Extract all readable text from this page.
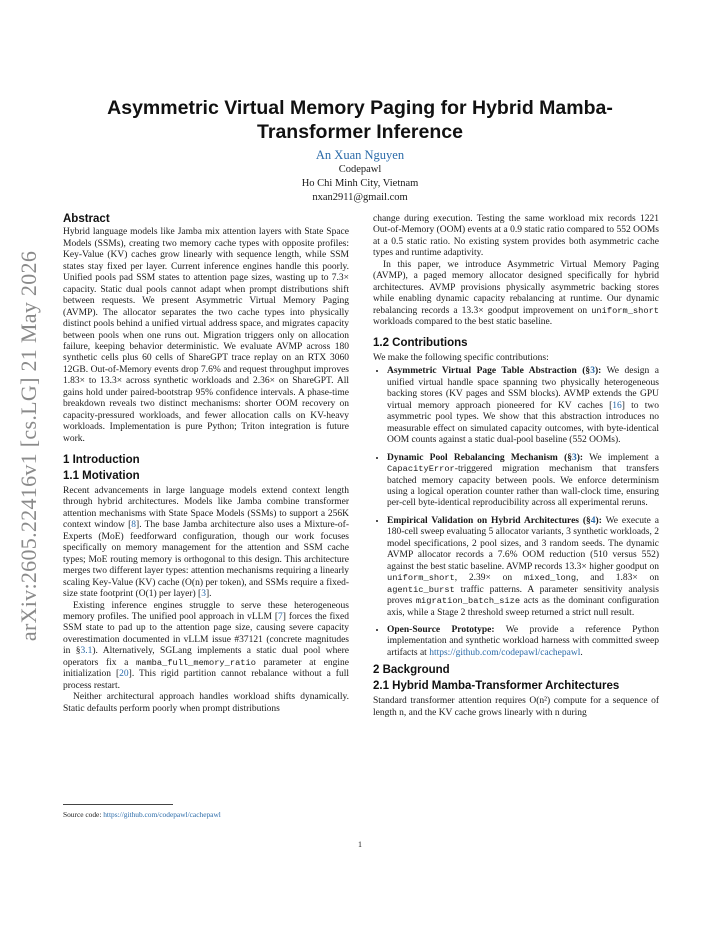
arXiv:2605.22416v1 [cs.LG] 21 May 2026
Asymmetric Virtual Memory Paging for Hybrid Mamba-Transformer Inference
An Xuan Nguyen
Codepawl
Ho Chi Minh City, Vietnam
nxan2911@gmail.com
Abstract

Hybrid language models like Jamba mix attention layers with State Space Models (SSMs), creating two memory cache types with opposite profiles: Key-Value (KV) caches grow linearly with sequence length, while SSM states stay fixed per layer. Current inference engines handle this poorly. Unified pools pad SSM states to attention page sizes, wasting up to 7.3× capacity. Static dual pools cannot adapt when prompt distributions shift between requests. We present Asymmetric Virtual Memory Paging (AVMP). The allocator separates the two cache types into physically distinct pools behind a unified virtual address space, and migrates capacity between pools when one runs out. Migration triggers only on allocation failure, keeping behavior deterministic. We evaluate AVMP across 180 synthetic cells plus 60 cells of ShareGPT trace replay on an RTX 3060 12GB. Out-of-Memory events drop 7.6% and request throughput improves 1.83× to 13.3× across synthetic workloads and 2.36× on ShareGPT. All gains hold under paired-bootstrap 95% confidence intervals. A phase-time breakdown reveals two distinct mechanisms: shorter OOM recovery on capacity-pressured workloads, and fewer allocation calls on KV-heavy workloads. Implementation is pure Python; Triton integration is future work.

1 Introduction
1.1 Motivation

Recent advancements in large language models extend context length through hybrid architectures. Models like Jamba combine transformer attention mechanisms with State Space Models (SSMs) to support a 256K context window [8]. The base Jamba architecture also uses a Mixture-of-Experts (MoE) feedforward configuration, though our work focuses specifically on memory management for the attention and SSM cache types; MoE routing memory is orthogonal to this design. This architecture merges two different layer types: attention mechanisms requiring a linearly scaling Key-Value (KV) cache (O(n) per token), and SSMs require a fixed-size state footprint (O(1) per layer) [3].

Existing inference engines struggle to serve these heterogeneous memory profiles. The unified pool approach in vLLM [7] forces the fixed SSM state to pad up to the attention page size, causing severe capacity overestimation documented in vLLM issue #37121 (concrete magnitudes in §3.1). Alternatively, SGLang implements a static dual pool where operators fix a mamba_full_memory_ratio parameter at engine initialization [20]. This rigid partition cannot rebalance without a full process restart.

Neither architectural approach handles workload shifts dynamically. Static defaults perform poorly when prompt distributions

change during execution. Testing the same workload mix records 1221 Out-of-Memory (OOM) events at a 0.9 static ratio compared to 552 OOMs at a 0.5 static ratio. No existing system provides both asymmetric cache types and runtime adaptivity.

In this paper, we introduce Asymmetric Virtual Memory Paging (AVMP), a paged memory allocator designed specifically for hybrid architectures. AVMP provisions physically asymmetric backing stores while enabling dynamic capacity rebalancing at runtime. Our dynamic rebalancing records a 13.3× goodput improvement on uniform_short workloads compared to the best static baseline.

1.2 Contributions

We make the following specific contributions:

• Asymmetric Virtual Page Table Abstraction (§3): We design a unified virtual handle space spanning two physically heterogeneous backing stores (KV pages and SSM blocks). AVMP extends the GPU virtual memory approach pioneered for KV caches [16] to two asymmetric pool types. We show that this abstraction introduces no measurable effect on simulated capacity outcomes, with byte-identical OOM counts against a static dual-pool baseline (552 OOMs).
• Dynamic Pool Rebalancing Mechanism (§3): We implement a CapacityError-triggered migration mechanism that transfers batched memory capacity between pools. We enforce determinism using a logical operation counter rather than wall-clock time, ensuring per-cell byte-identical reproducibility across all experimental reruns.
• Empirical Validation on Hybrid Architectures (§4): We execute a 180-cell sweep evaluating 5 allocator variants, 3 synthetic workloads, 2 model specifications, 2 pool sizes, and 3 random seeds. The dynamic AVMP allocator records a 7.6% OOM reduction (510 versus 552) against the best static baseline. AVMP records 13.3× higher goodput on uniform_short, 2.39× on mixed_long, and 1.83× on agentic_burst traffic patterns. A parameter sensitivity analysis proves migration_batch_size acts as the dominant configuration axis, while a Stage 2 threshold sweep returned a strict null result.
• Open-Source Prototype: We provide a reference Python implementation and synthetic workload harness with committed sweep artifacts at https://github.com/codepawl/cachepawl.
2 Background
2.1 Hybrid Mamba-Transformer Architectures

Standard transformer attention requires O(n²) compute for a sequence of length n, and the KV cache grows linearly with n during

Source code: https://github.com/codepawl/cachepawl
1
